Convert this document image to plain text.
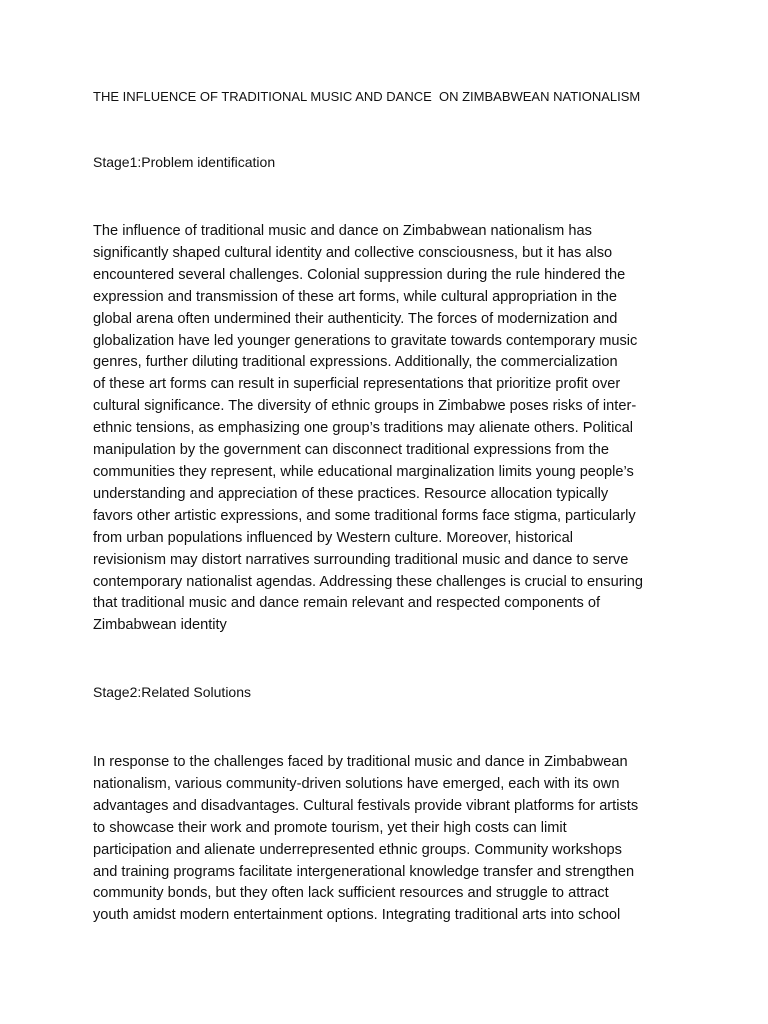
THE INFLUENCE OF TRADITIONAL MUSIC AND DANCE  ON ZIMBABWEAN NATIONALISM
Stage1:Problem identification
The influence of traditional music and dance on Zimbabwean nationalism has
significantly shaped cultural identity and collective consciousness, but it has also
encountered several challenges. Colonial suppression during the rule hindered the
expression and transmission of these art forms, while cultural appropriation in the
global arena often undermined their authenticity. The forces of modernization and
globalization have led younger generations to gravitate towards contemporary music
genres, further diluting traditional expressions. Additionally, the commercialization
of these art forms can result in superficial representations that prioritize profit over
cultural significance. The diversity of ethnic groups in Zimbabwe poses risks of inter-
ethnic tensions, as emphasizing one group’s traditions may alienate others. Political
manipulation by the government can disconnect traditional expressions from the
communities they represent, while educational marginalization limits young people’s
understanding and appreciation of these practices. Resource allocation typically
favors other artistic expressions, and some traditional forms face stigma, particularly
from urban populations influenced by Western culture. Moreover, historical
revisionism may distort narratives surrounding traditional music and dance to serve
contemporary nationalist agendas. Addressing these challenges is crucial to ensuring
that traditional music and dance remain relevant and respected components of
Zimbabwean identity
Stage2:Related Solutions
In response to the challenges faced by traditional music and dance in Zimbabwean
nationalism, various community-driven solutions have emerged, each with its own
advantages and disadvantages. Cultural festivals provide vibrant platforms for artists
to showcase their work and promote tourism, yet their high costs can limit
participation and alienate underrepresented ethnic groups. Community workshops
and training programs facilitate intergenerational knowledge transfer and strengthen
community bonds, but they often lack sufficient resources and struggle to attract
youth amidst modern entertainment options. Integrating traditional arts into school
